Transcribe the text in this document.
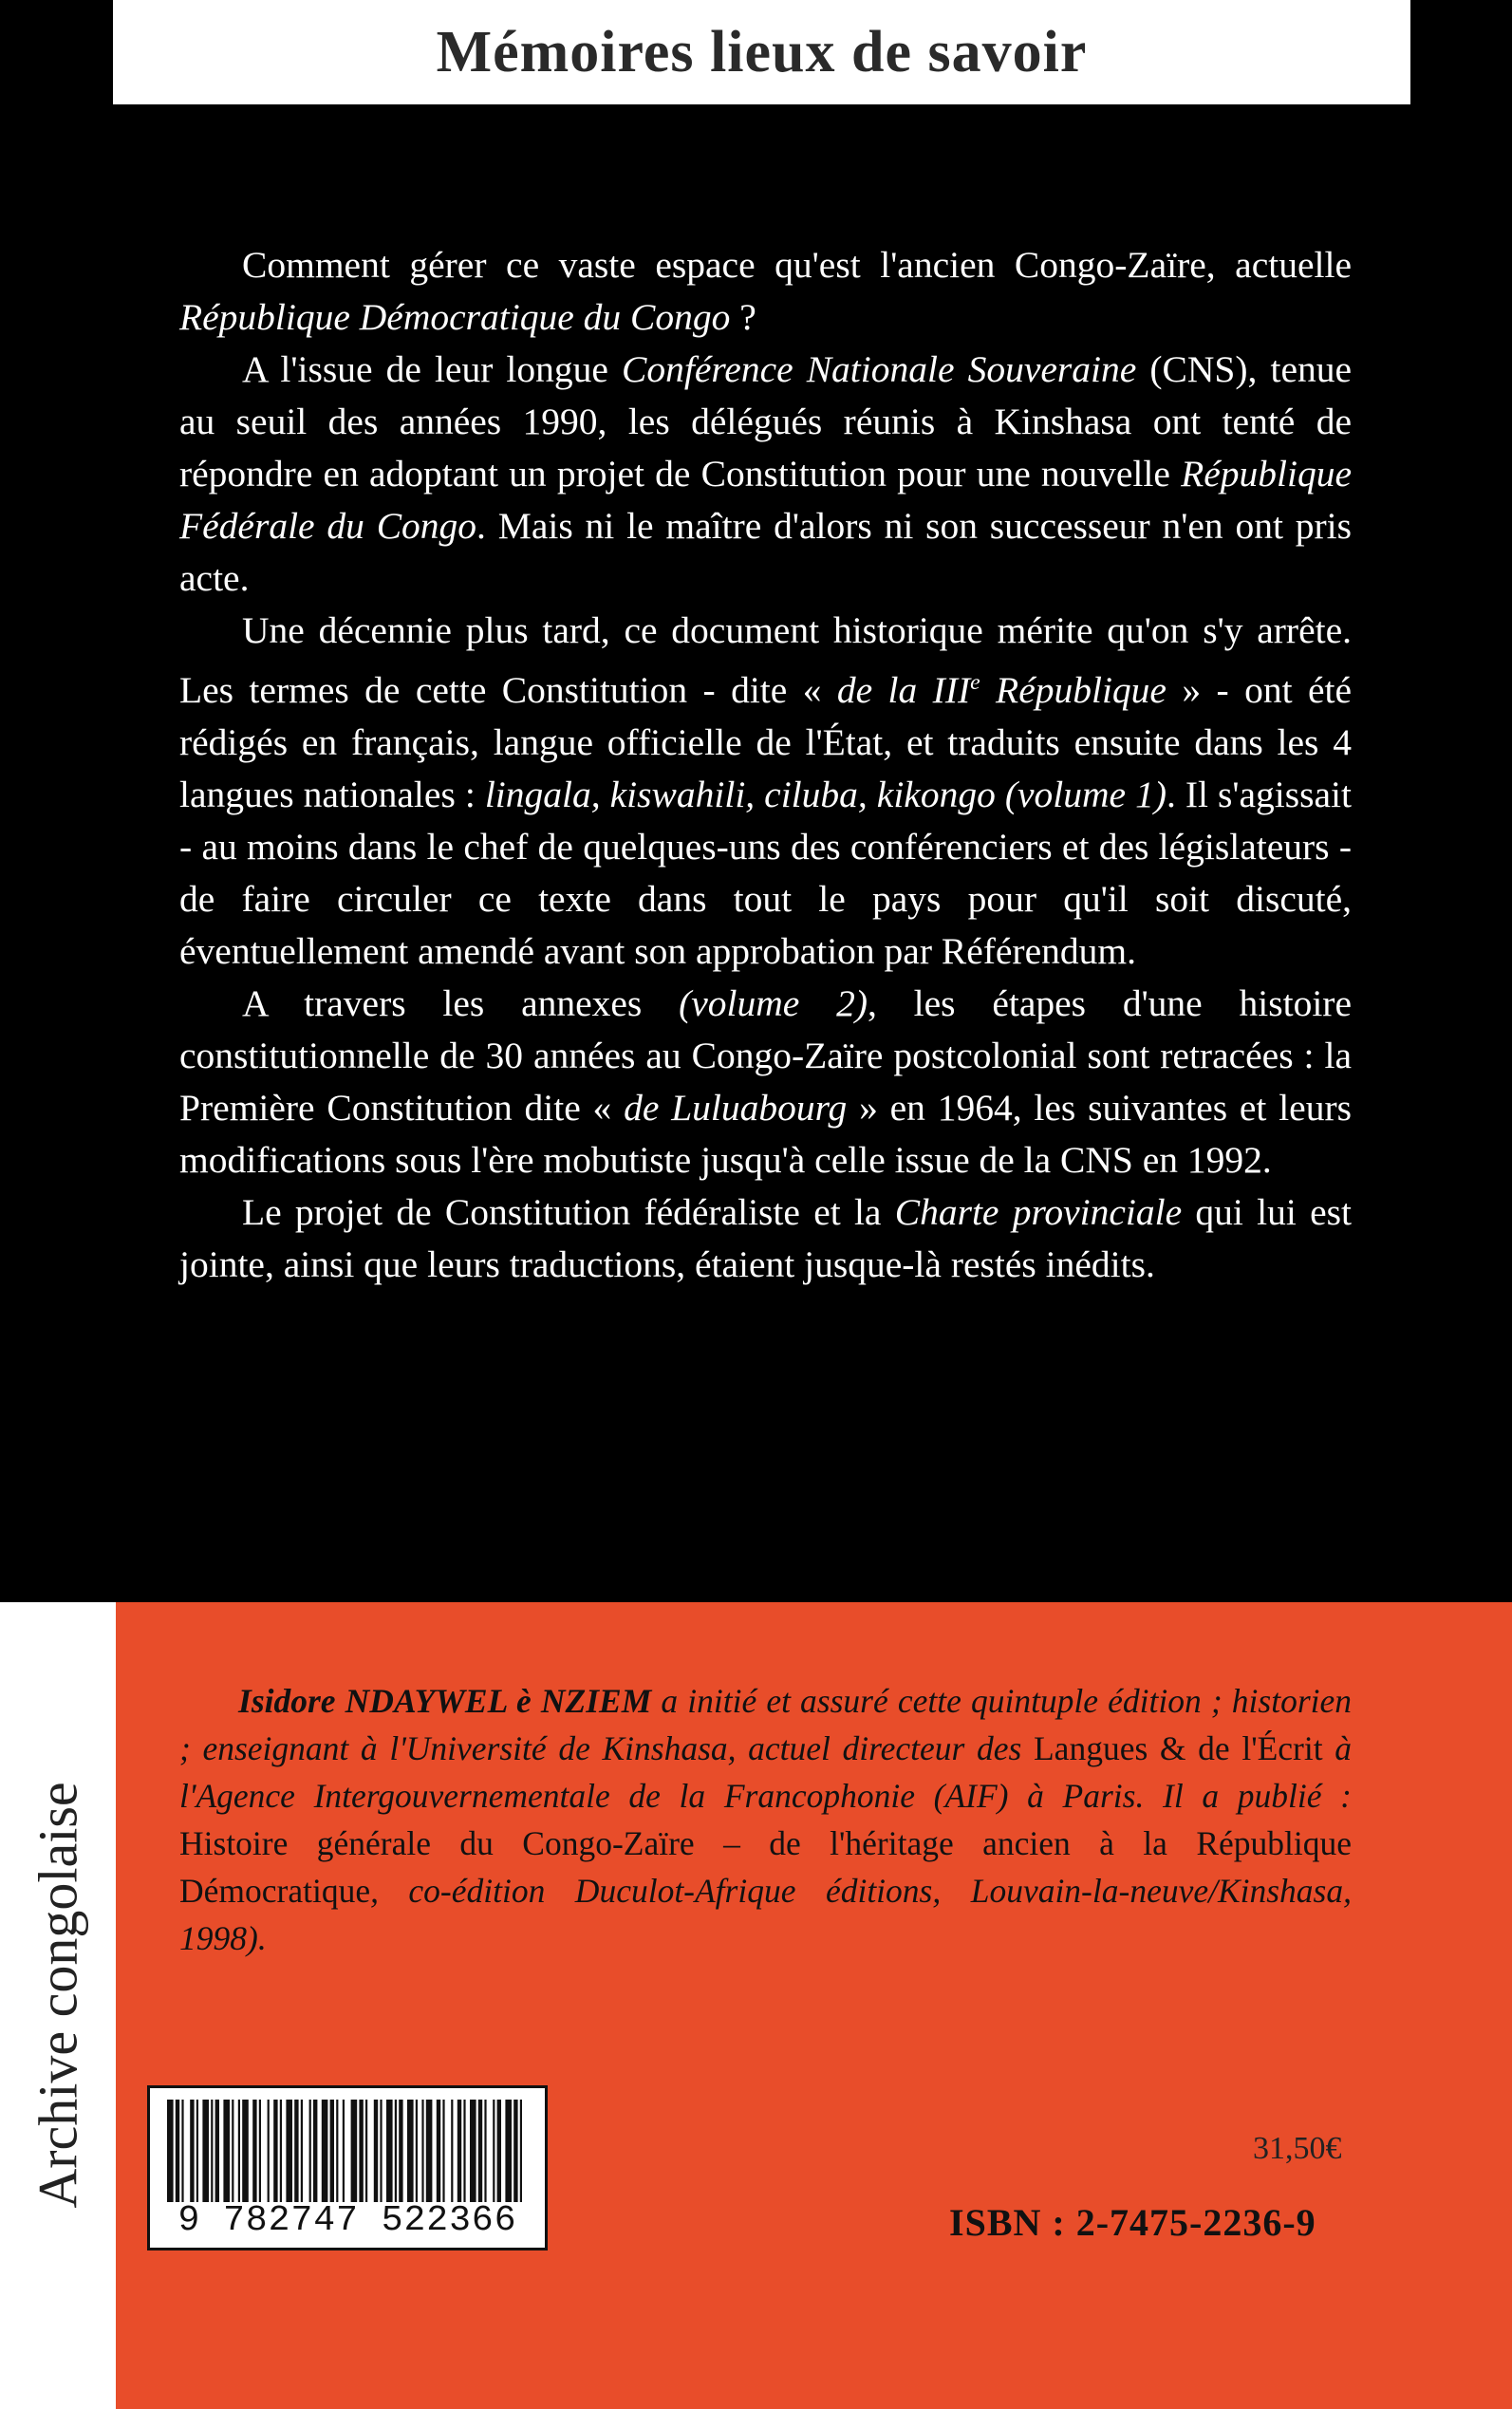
Mémoires lieux de savoir

Comment gérer ce vaste espace qu'est l'ancien Congo-Zaïre, actuelle République Démocratique du Congo ?

A l'issue de leur longue Conférence Nationale Souveraine (CNS), tenue au seuil des années 1990, les délégués réunis à Kinshasa ont tenté de répondre en adoptant un projet de Constitution pour une nouvelle République Fédérale du Congo. Mais ni le maître d'alors ni son successeur n'en ont pris acte.

Une décennie plus tard, ce document historique mérite qu'on s'y arrête. Les termes de cette Constitution - dite « de la IIIe République » - ont été rédigés en français, langue officielle de l'État, et traduits ensuite dans les 4 langues nationales : lingala, kiswahili, ciluba, kikongo (volume 1). Il s'agissait - au moins dans le chef de quelques-uns des conférenciers et des législateurs - de faire circuler ce texte dans tout le pays pour qu'il soit discuté, éventuellement amendé avant son approbation par Référendum.

A travers les annexes (volume 2), les étapes d'une histoire constitutionnelle de 30 années au Congo-Zaïre postcolonial sont retracées : la Première Constitution dite « de Luluabourg » en 1964, les suivantes et leurs modifications sous l'ère mobutiste jusqu'à celle issue de la CNS en 1992.

Le projet de Constitution fédéraliste et la Charte provinciale qui lui est jointe, ainsi que leurs traductions, étaient jusque-là restés inédits.

Archive congolaise

Isidore NDAYWEL è NZIEM a initié et assuré cette quintuple édition ; historien ; enseignant à l'Université de Kinshasa, actuel directeur des Langues & de l'Écrit à l'Agence Intergouvernementale de la Francophonie (AIF) à Paris. Il a publié : Histoire générale du Congo-Zaïre – de l'héritage ancien à la République Démocratique, co-édition Duculot-Afrique éditions, Louvain-la-neuve/Kinshasa, 1998).

9 782747 522366
31,50€
ISBN : 2-7475-2236-9
